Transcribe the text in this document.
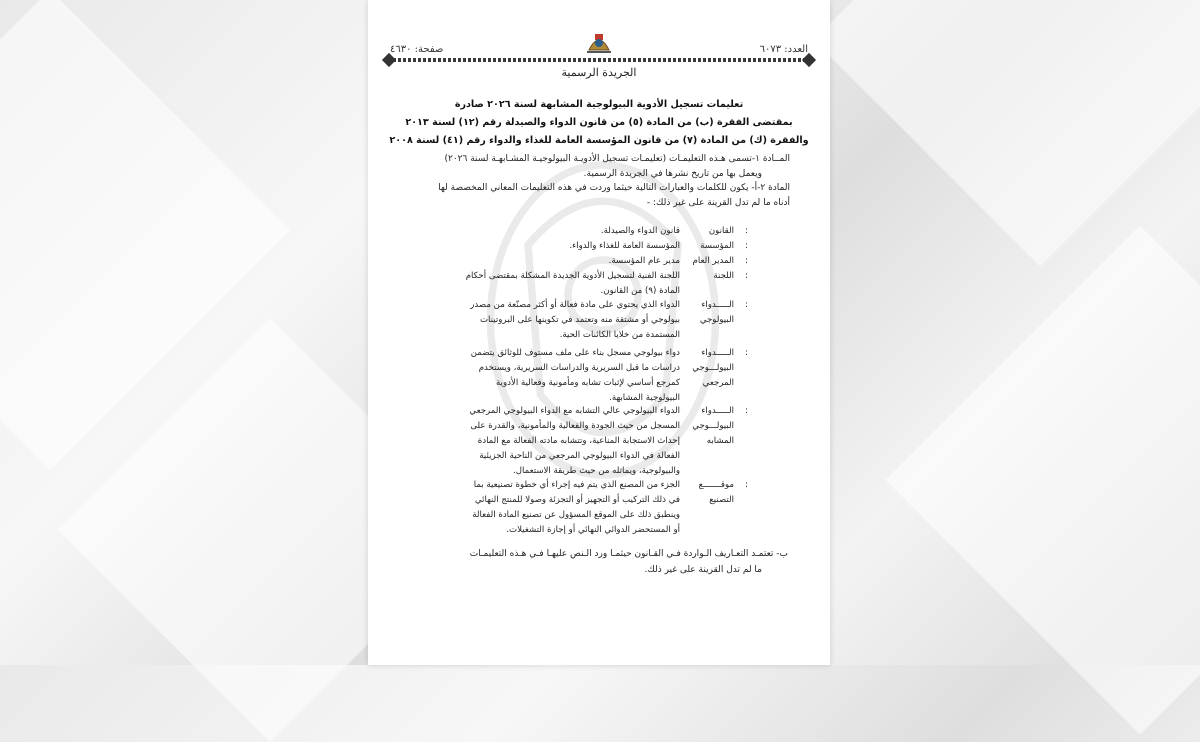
العدد: ٦٠٧٣
صفحة: ٤٦٣٠
الجريدة الرسمية
تعليمات تسجيل الأدوية البيولوجية المشابهة لسنة ٢٠٢٦ صادرة
بمقتضى الفقرة (ب) من المادة (٥) من قانون الدواء والصيدلة رقم (١٢) لسنة ٢٠١٣
والفقرة (ك) من المادة (٧) من قانون المؤسسة العامة للغذاء والدواء رقم (٤١) لسنة ٢٠٠٨
المــادة ١-تسمى هـذه التعليمـات (تعليمـات تسجيل الأدويـة البيولوجيـة المشـابهـة لسنة ٢٠٢٦)
ويعمل بها من تاريخ نشرها في الجريدة الرسمية.
المادة ٢-أ- يكون للكلمات والعبارات التالية حيثما وردت في هذه التعليمات المعاني المخصصة لها
أدناه ما لم تدل القرينة على غير ذلك: -
القانون :
قانون الدواء والصيدلة.
المؤسسة :
المؤسسة العامة للغذاء والدواء.
المدير العام :
مدير عام المؤسسة.
اللجنة :
اللجنة الفنية لتسجيل الأدوية الجديدة المشكلة بمقتضى أحكام
المادة (٩) من القانون.
الـــــدواء
البيولوجي
:
الدواء الذي يحتوي على مادة فعالة أو أكثر مصنّعة من مصدر
بيولوجي أو مشتقة منه وتعتمد في تكوينها على البروتينات
المستمدة من خلايا الكائنات الحية.
الـــــدواء
البيولـــوجي
المرجعي
:
دواء بيولوجي مسجل بناء على ملف مستوف للوثائق يتضمن
دراسات ما قبل السريرية والدراسات السريرية، ويستخدم
كمرجع أساسي لإثبات تشابه ومأمونية وفعالية الأدوية
البيولوجية المشابهة.
الـــــدواء
البيولـــوجي
المشابه
:
الدواء البيولوجي عالي التشابه مع الدواء البيولوجي المرجعي
المسجل من حيث الجودة والفعالية والمأمونية، والقدرة على
إحداث الاستجابة المناعية، وتتشابه مادته الفعالة مع المادة
الفعالة في الدواء البيولوجي المرجعي من الناحية الجزيئية
والبيولوجية، ويماثله من حيث طريقة الاستعمال.
موقـــــــع
التصنيع
:
الجزء من المصنع الذي يتم فيه إجراء أي خطوة تصنيعية بما
في ذلك التركيب أو التجهيز أو التجزئة وصولا للمنتج النهائي
وينطبق ذلك على الموقع المسؤول عن تصنيع المادة الفعالة
أو المستحضر الدوائي النهائي أو إجازة التشغيلات.
ب- تعتمـد التعـاريف الـواردة فـي القـانون حيثمـا ورد الـنص عليهـا فـي هـذه التعليمـات
ما لم تدل القرينة على غير ذلك.
